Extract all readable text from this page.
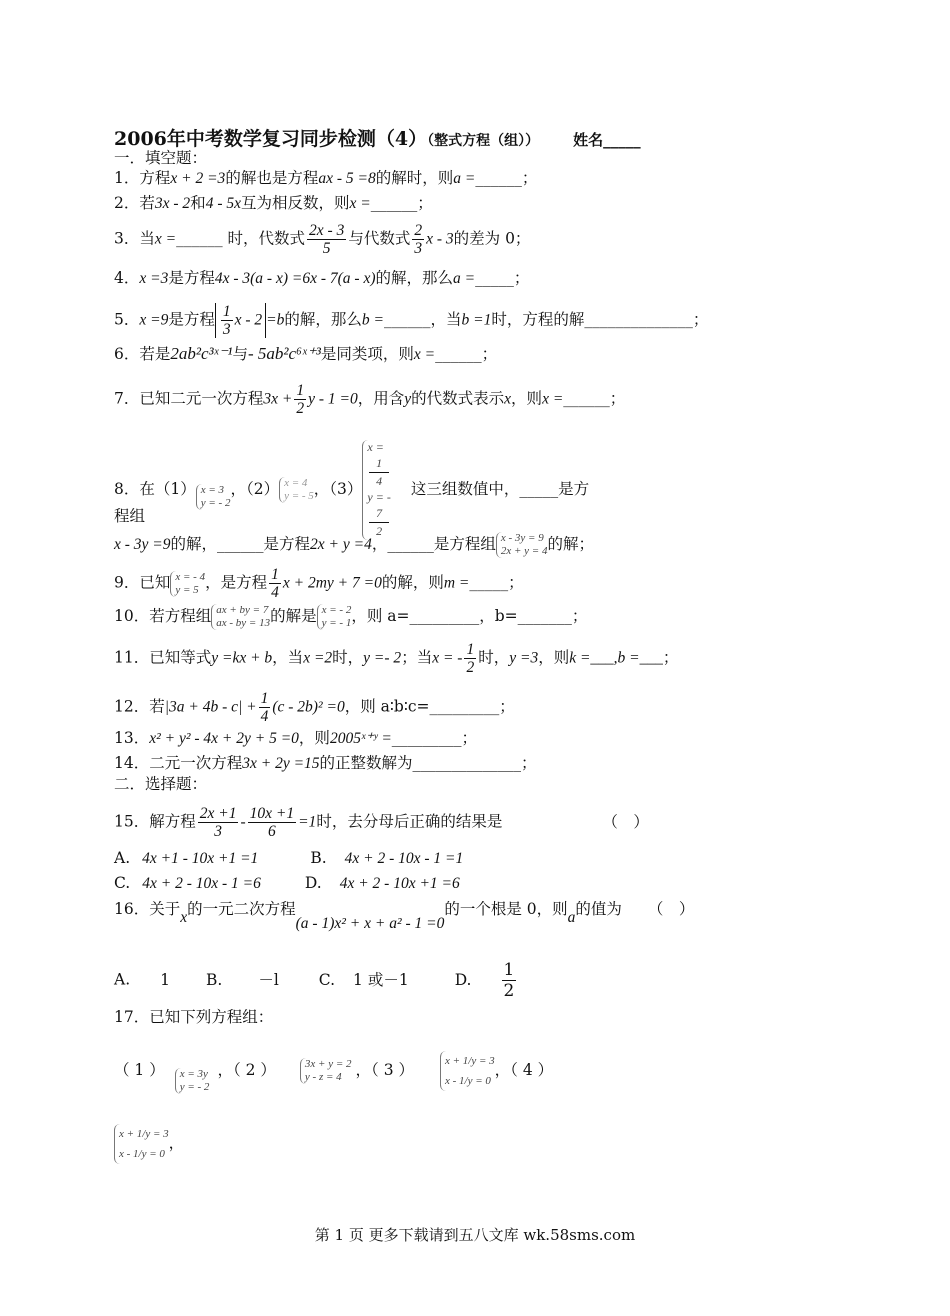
2006年中考数学复习同步检测（4）（整式方程（组）） 姓名_____
一．填空题：
1．方程x + 2 =3的解也是方程ax - 5 =8的解时，则a =______；
2．若3x - 2和4 - 5x互为相反数，则x =______；
3．当x =______ 时，代数式 $\frac{2x - 3}{5}$ 与代数式 $\frac{2}{3}$ x - 3的差为 0；
4．x =3是方程4x - 3(a - x) =6x - 7(a - x)的解，那么a =_____；
5．x =9是方程 $\frac{1}{3}$ x - 2 =b的解，那么b =______，当b =1时，方程的解______________；
6．若是2ab²c³ˣ⁻¹与- 5ab²c⁶ˣ⁺³是同类项，则x =______；
7．已知二元一次方程$3x + \frac{1}{2}$ y - 1 =0，用含y的代数式表示x，则x =______；
8．在（1） x = 3
y = - 2
，（2） x = 4
y = - 5 ，（3）
x =
1
4
y = -
7
2
这三组数值中，_____是方
程组
x - 3y =9的解，______是方程2x + y =4，______是方程组 x - 3y = 9
2x + y = 4 的解；
9．已知 x = - 4
y = 5 ，是方程 $\frac{1}{4}$ x + 2my + 7 =0的解，则m =_____；
10．若方程组 ax + by = 7
ax - by = 13 的解是 x = - 2
y = - 1 ，则 a=_________，b=_______；
11．已知等式y =kx + b，当x =2时，y =- 2；当x = - $\frac{1}{2}$ 时，y =3，则k =___,b =___；
12．若$|3a + 4b - c| + \frac{1}{4} (c - 2b)^2 =0$，则 a∶b∶c=_________；
13．x² + y² - 4x + 2y + 5 =0，则2005ˣ⁺ʸ =_________；
14．二元一次方程3x + 2y =15的正整数解为______________；
二．选择题：
15．解方程 $\frac{2x +1}{3} - \frac{10x +1}{6} =1$时，去分母后正确的结果是	（　）
A. 4x +1 - 10x +1 =1	B. 4x + 2 - 10x - 1 =1
C. 4x + 2 - 10x - 1 =6	D. 4x + 2 - 10x +1 =6
16．关于x的一元二次方程(a - 1)x² + x + a² - 1 =0的一个根是 0，则a的值为 （　）
A. 1 B. －l	C. 1 或－1	D. $\frac{1}{2}$
17．已知下列方程组：
（ 1 ） x = 3y
y = - 2
，（ 2 ）	3x + y = 2
y - z = 4 ，（ 3 ）	x + 1/y = 3
x - 1/y = 0
，（ 4 ）
x + 1/y = 3
x - 1/y = 0
，
第 1 页 更多下载请到五八文库 wk.58sms.com
